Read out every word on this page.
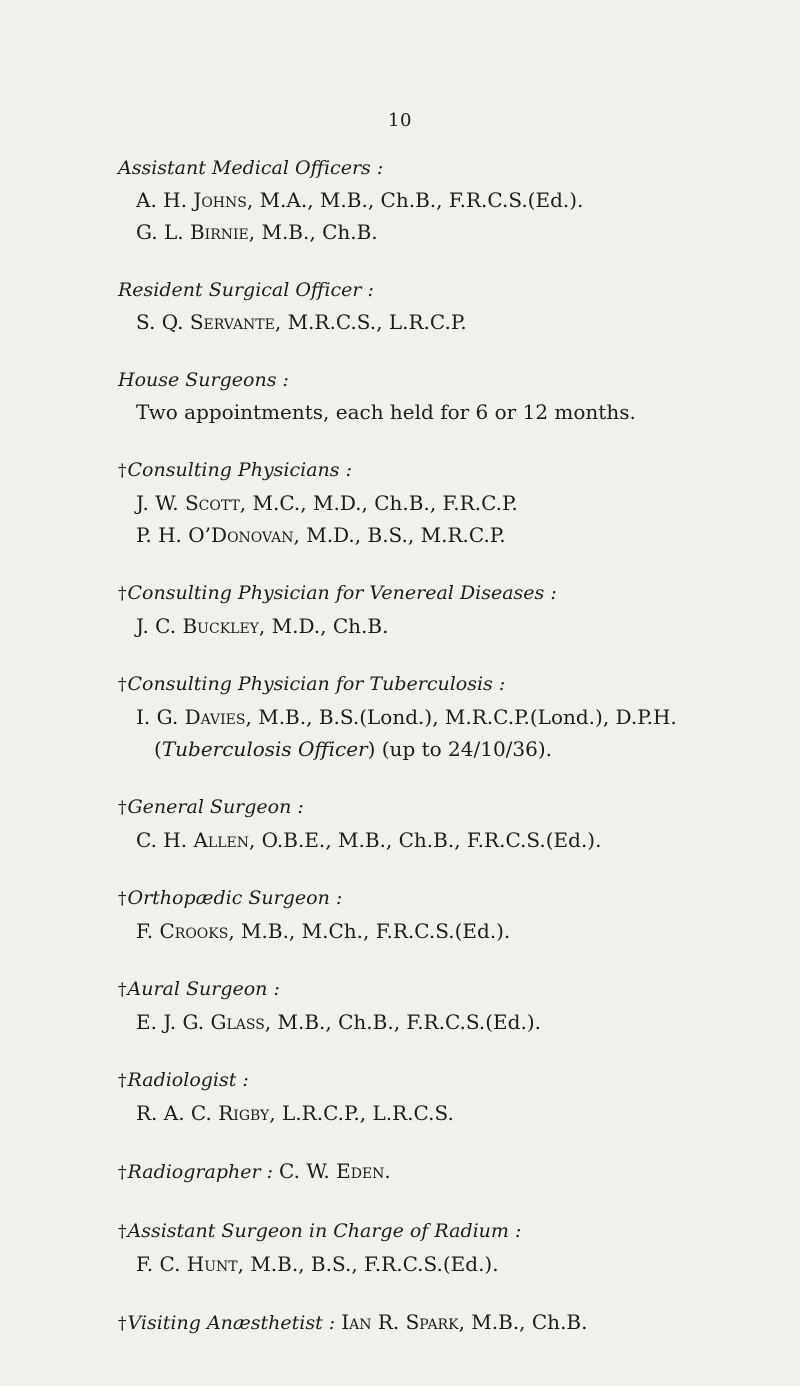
10
Assistant Medical Officers :
A. H. Johns, M.A., M.B., Ch.B., F.R.C.S.(Ed.).
G. L. Birnie, M.B., Ch.B.
Resident Surgical Officer :
S. Q. Servante, M.R.C.S., L.R.C.P.
House Surgeons :
Two appointments, each held for 6 or 12 months.
†Consulting Physicians :
J. W. Scott, M.C., M.D., Ch.B., F.R.C.P.
P. H. O’Donovan, M.D., B.S., M.R.C.P.
†Consulting Physician for Venereal Diseases :
J. C. Buckley, M.D., Ch.B.
†Consulting Physician for Tuberculosis :
I. G. Davies, M.B., B.S.(Lond.), M.R.C.P.(Lond.), D.P.H.
(Tuberculosis Officer) (up to 24/10/36).
†General Surgeon :
C. H. Allen, O.B.E., M.B., Ch.B., F.R.C.S.(Ed.).
†Orthopædic Surgeon :
F. Crooks, M.B., M.Ch., F.R.C.S.(Ed.).
†Aural Surgeon :
E. J. G. Glass, M.B., Ch.B., F.R.C.S.(Ed.).
†Radiologist :
R. A. C. Rigby, L.R.C.P., L.R.C.S.
†Radiographer : C. W. Eden.
†Assistant Surgeon in Charge of Radium :
F. C. Hunt, M.B., B.S., F.R.C.S.(Ed.).
†Visiting Anæsthetist : Ian R. Spark, M.B., Ch.B.
